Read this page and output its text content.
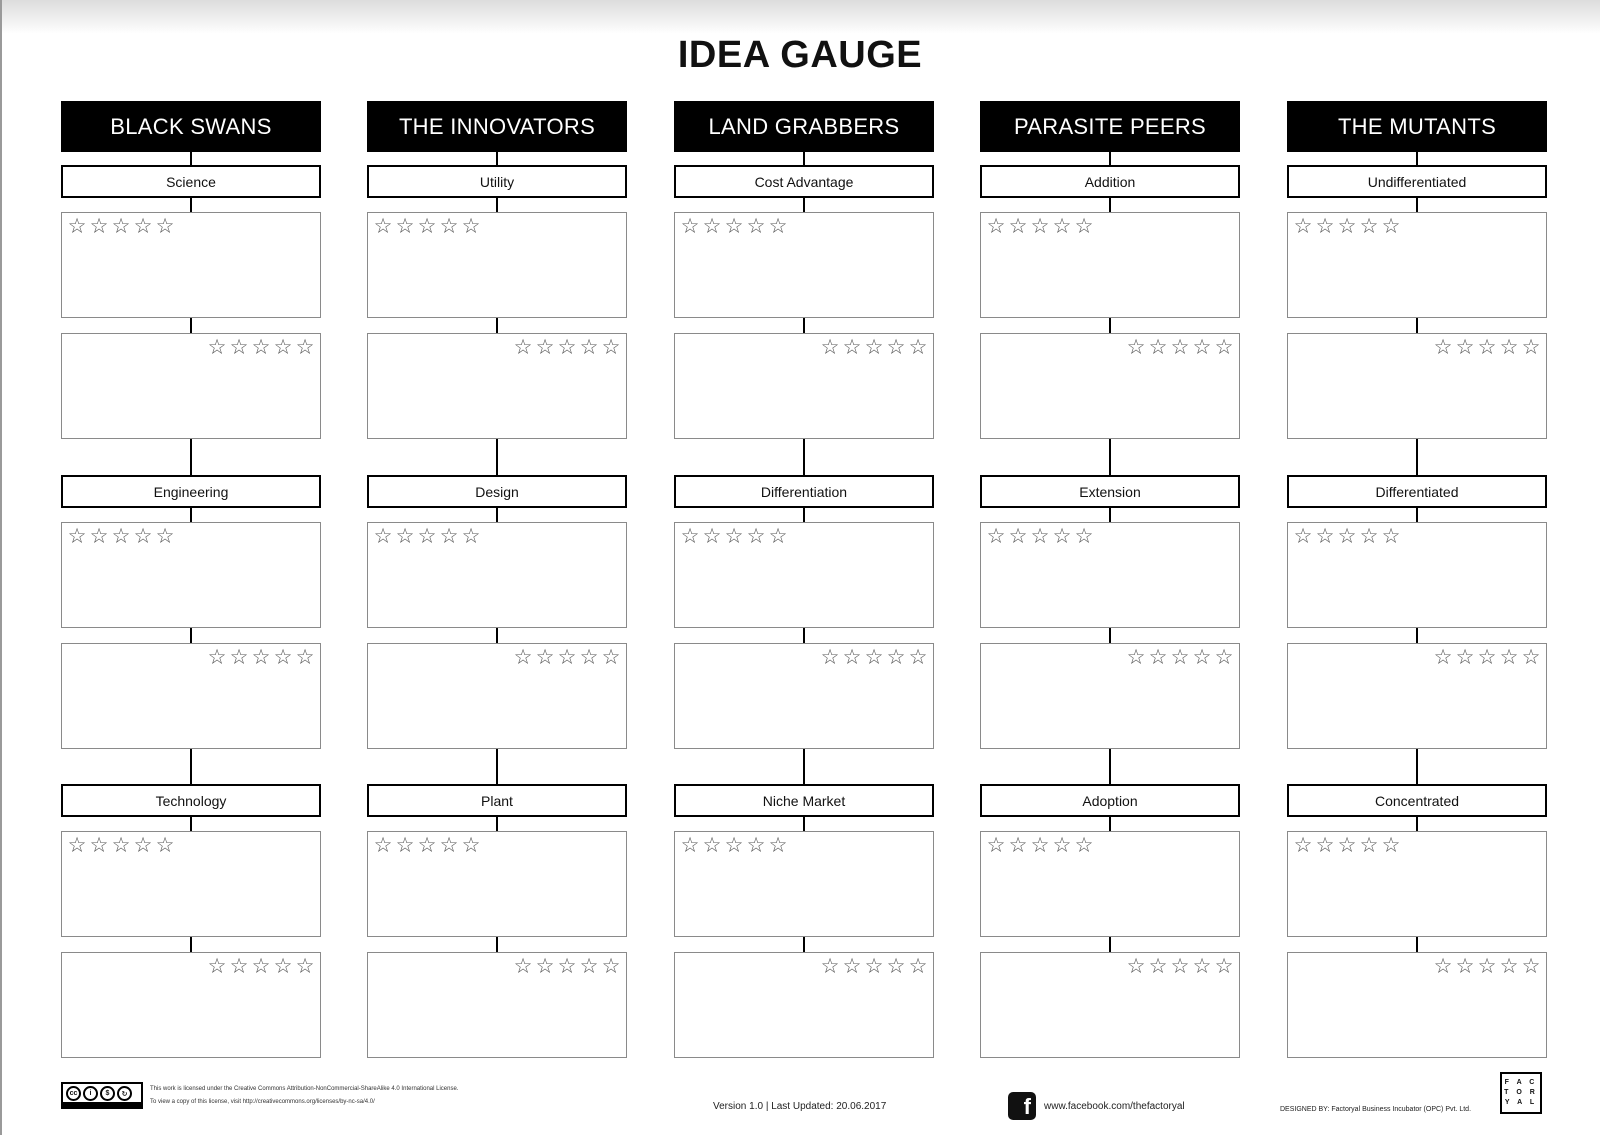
IDEA GAUGE
BLACK SWANS
Science
☆ ☆ ☆ ☆ ☆
☆ ☆ ☆ ☆ ☆
Engineering
☆ ☆ ☆ ☆ ☆
☆ ☆ ☆ ☆ ☆
Technology
☆ ☆ ☆ ☆ ☆
☆ ☆ ☆ ☆ ☆
THE INNOVATORS
Utility
☆ ☆ ☆ ☆ ☆
☆ ☆ ☆ ☆ ☆
Design
☆ ☆ ☆ ☆ ☆
☆ ☆ ☆ ☆ ☆
Plant
☆ ☆ ☆ ☆ ☆
☆ ☆ ☆ ☆ ☆
LAND GRABBERS
Cost Advantage
☆ ☆ ☆ ☆ ☆
☆ ☆ ☆ ☆ ☆
Differentiation
☆ ☆ ☆ ☆ ☆
☆ ☆ ☆ ☆ ☆
Niche Market
☆ ☆ ☆ ☆ ☆
☆ ☆ ☆ ☆ ☆
PARASITE PEERS
Addition
☆ ☆ ☆ ☆ ☆
☆ ☆ ☆ ☆ ☆
Extension
☆ ☆ ☆ ☆ ☆
☆ ☆ ☆ ☆ ☆
Adoption
☆ ☆ ☆ ☆ ☆
☆ ☆ ☆ ☆ ☆
THE MUTANTS
Undifferentiated
☆ ☆ ☆ ☆ ☆
☆ ☆ ☆ ☆ ☆
Differentiated
☆ ☆ ☆ ☆ ☆
☆ ☆ ☆ ☆ ☆
Concentrated
☆ ☆ ☆ ☆ ☆
☆ ☆ ☆ ☆ ☆
cc	i	$	↻
This work is licensed under the Creative Commons Attribution-NonCommercial-ShareAlike 4.0 International License.
To view a copy of this license, visit http://creativecommons.org/licenses/by-nc-sa/4.0/	Version 1.0 | Last Updated: 20.06.2017	f	www.facebook.com/thefactoryal	DESIGNED BY: Factoryal Business Incubator (OPC) Pvt. Ltd.
F A C
T O R
Y A L
